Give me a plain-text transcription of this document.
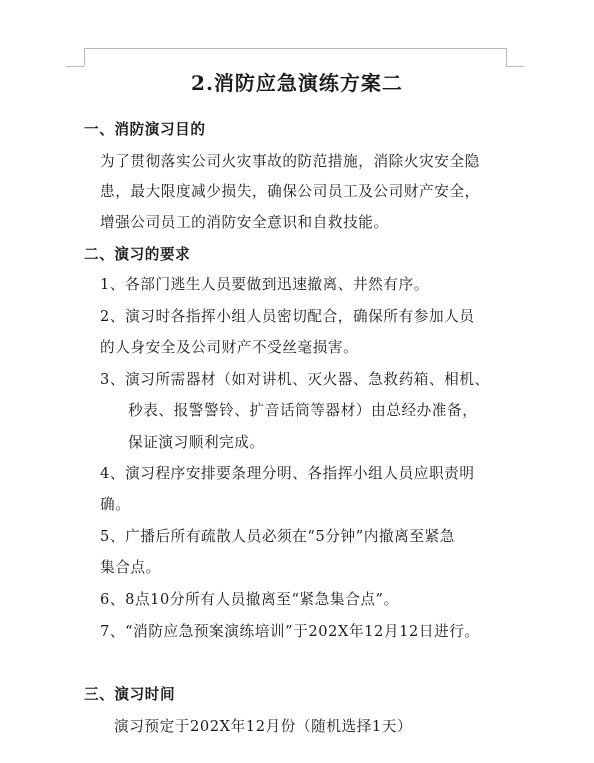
2.消防应急演练方案二
一、消防演习目的
为了贯彻落实公司火灾事故的防范措施，消除火灾安全隐
患，最大限度减少损失，确保公司员工及公司财产安全，
增强公司员工的消防安全意识和自救技能。
二、演习的要求
1、各部门逃生人员要做到迅速撤离、井然有序。
2、演习时各指挥小组人员密切配合，确保所有参加人员
的人身安全及公司财产不受丝毫损害。
3、演习所需器材（如对讲机、灭火器、急救药箱、相机、
秒表、报警警铃、扩音话筒等器材）由总经办准备，
保证演习顺利完成。
4、演习程序安排要条理分明、各指挥小组人员应职责明
确。
5、广播后所有疏散人员必须在“5分钟”内撤离至紧急
集合点。
6、8点10分所有人员撤离至“紧急集合点”。
7、“消防应急预案演练培训”于202X年12月12日进行。
三、演习时间
演习预定于202X年12月份（随机选择1天）
